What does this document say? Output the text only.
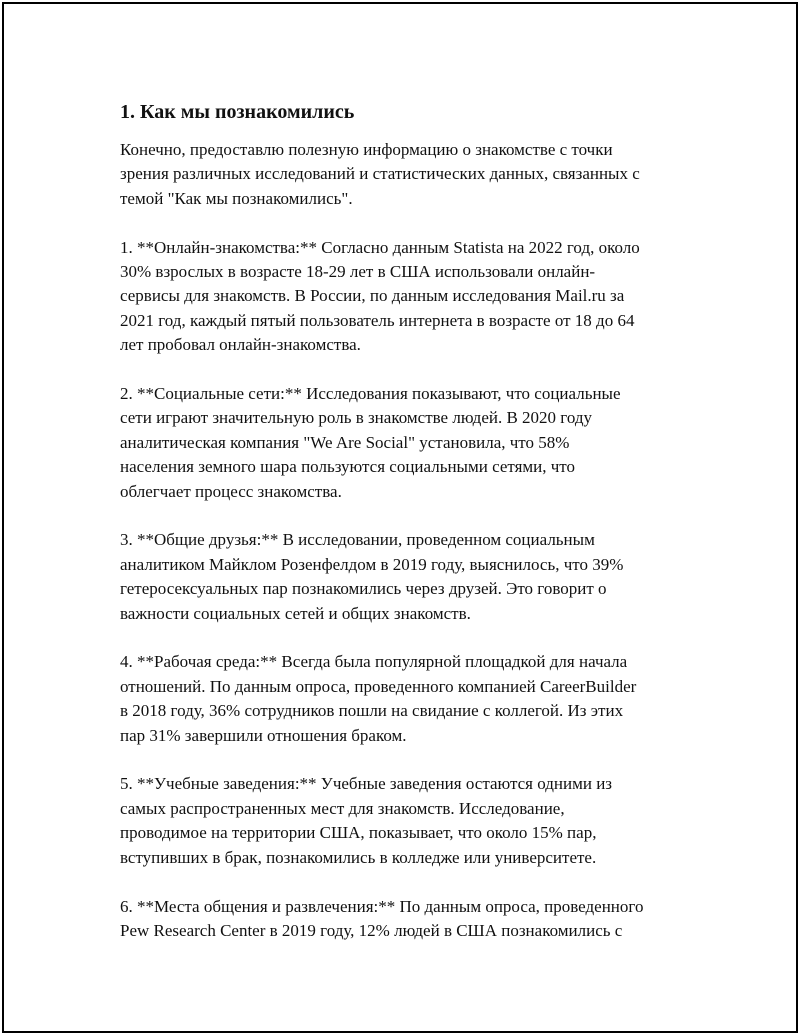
1. Как мы познакомились
Конечно, предоставлю полезную информацию о знакомстве с точки
зрения различных исследований и статистических данных, связанных с
темой "Как мы познакомились".
1. **Онлайн-знакомства:** Согласно данным Statista на 2022 год, около
30% взрослых в возрасте 18-29 лет в США использовали онлайн-
сервисы для знакомств. В России, по данным исследования Mail.ru за
2021 год, каждый пятый пользователь интернета в возрасте от 18 до 64
лет пробовал онлайн-знакомства.
2. **Социальные сети:** Исследования показывают, что социальные
сети играют значительную роль в знакомстве людей. В 2020 году
аналитическая компания "We Are Social" установила, что 58%
населения земного шара пользуются социальными сетями, что
облегчает процесс знакомства.
3. **Общие друзья:** В исследовании, проведенном социальным
аналитиком Майклом Розенфелдом в 2019 году, выяснилось, что 39%
гетеросексуальных пар познакомились через друзей. Это говорит о
важности социальных сетей и общих знакомств.
4. **Рабочая среда:** Всегда была популярной площадкой для начала
отношений. По данным опроса, проведенного компанией CareerBuilder
в 2018 году, 36% сотрудников пошли на свидание с коллегой. Из этих
пар 31% завершили отношения браком.
5. **Учебные заведения:** Учебные заведения остаются одними из
самых распространенных мест для знакомств. Исследование,
проводимое на территории США, показывает, что около 15% пар,
вступивших в брак, познакомились в колледже или университете.
6. **Места общения и развлечения:** По данным опроса, проведенного
Pew Research Center в 2019 году, 12% людей в США познакомились с
